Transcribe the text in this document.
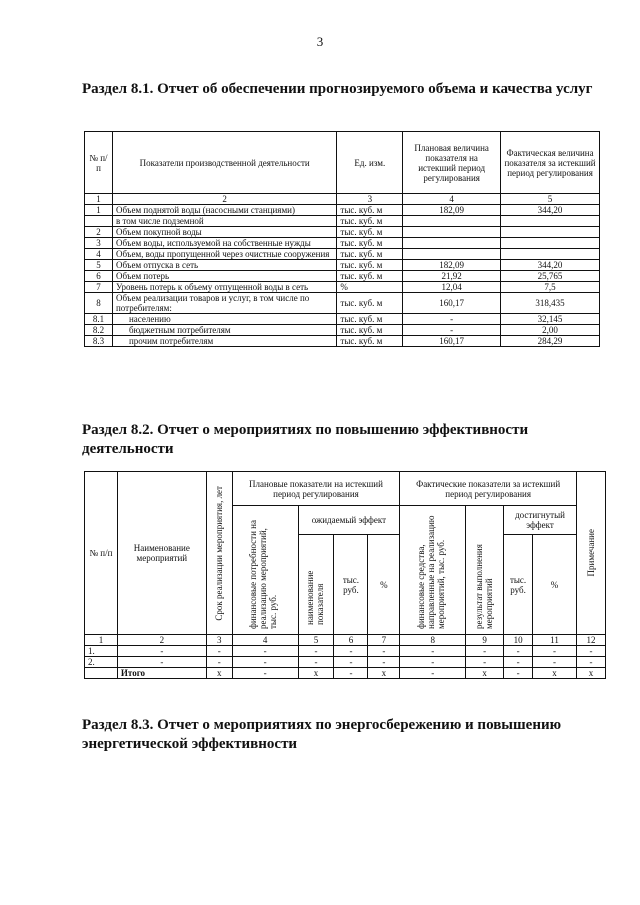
3
Раздел 8.1. Отчет об обеспечении прогнозируемого объема и качества услуг
№ п/п	Показатели производственной деятельности	Ед. изм.	Плановая величина показателя на истекший период регулирования	Фактическая величина показателя за истекший период регулирования
1	2	3	4	5
1	Объем поднятой воды (насосными станциями)	тыс. куб. м	182,09	344,20
	в том числе подземной	тыс. куб. м		
2	Объем покупной воды	тыс. куб. м		
3	Объем воды, используемой на собственные нужды	тыс. куб. м		
4	Объем, воды пропущенной через очистные сооружения	тыс. куб. м		
5	Объем отпуска в сеть	тыс. куб. м	182,09	344,20
6	Объем потерь	тыс. куб. м	21,92	25,765
7	Уровень потерь к объему отпущенной воды в сеть	%	12,04	7,5
8	Объем реализации товаров и услуг, в том числе по потребителям:	тыс. куб. м	160,17	318,435
8.1	населению	тыс. куб. м	-	32,145
8.2	бюджетным потребителям	тыс. куб. м	-	2,00
8.3	прочим потребителям	тыс. куб. м	160,17	284,29
Раздел 8.2. Отчет о мероприятиях по повышению эффективности деятельности
№ п/п	Наименование мероприятий	Срок реализации мероприятия, лет	Плановые показатели на истекший период регулирования				Фактические показатели за истекший период регулирования				Примечание

			финансовые потребности на реализацию мероприятий, тыс. руб.	ожидаемый эффект			финансовые средства, направленные на реализацию мероприятий, тыс. руб.	результат выполнения мероприятий	достигнутый эффект		

				наименование показателя	тыс. руб.	%			тыс. руб.	%	
1	2	3	4	5	6	7	8	9	10	11	12
1.	-	-	-	-	-	-	-	-	-	-	-
2.	-	-	-	-	-	-	-	-	-	-	-
	Итого	x	-	x	-	x	-	x	-	x	x
Раздел 8.3. Отчет о мероприятиях по энергосбережению и повышению энергетической эффективности
